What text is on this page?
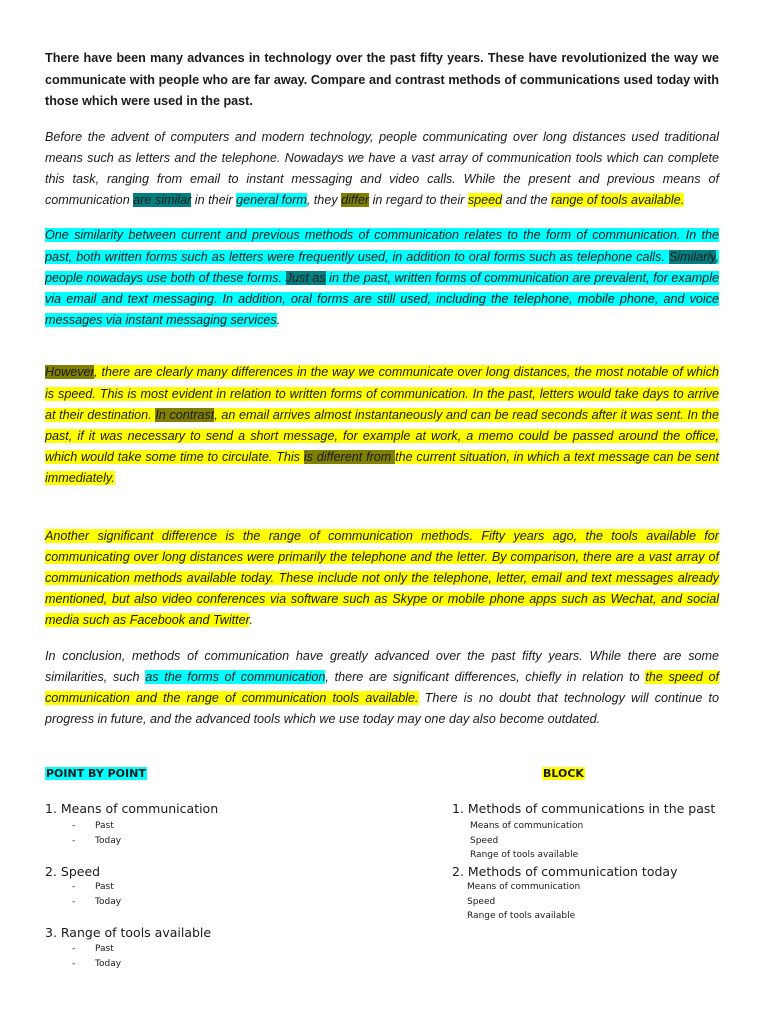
There have been many advances in technology over the past fifty years. These have revolutionized the way we communicate with people who are far away. Compare and contrast methods of communications used today with those which were used in the past.

Before the advent of computers and modern technology, people communicating over long distances used traditional means such as letters and the telephone. Nowadays we have a vast array of communication tools which can complete this task, ranging from email to instant messaging and video calls. While the present and previous means of communication are similar in their general form, they differ in regard to their speed and the range of tools available.

One similarity between current and previous methods of communication relates to the form of communication. In the past, both written forms such as letters were frequently used, in addition to oral forms such as telephone calls. Similarly, people nowadays use both of these forms. Just as in the past, written forms of communication are prevalent, for example via email and text messaging. In addition, oral forms are still used, including the telephone, mobile phone, and voice messages via instant messaging services.

However, there are clearly many differences in the way we communicate over long distances, the most notable of which is speed. This is most evident in relation to written forms of communication. In the past, letters would take days to arrive at their destination. In contrast, an email arrives almost instantaneously and can be read seconds after it was sent. In the past, if it was necessary to send a short message, for example at work, a memo could be passed around the office, which would take some time to circulate. This is different from the current situation, in which a text message can be sent immediately.

Another significant difference is the range of communication methods. Fifty years ago, the tools available for communicating over long distances were primarily the telephone and the letter. By comparison, there are a vast array of communication methods available today. These include not only the telephone, letter, email and text messages already mentioned, but also video conferences via software such as Skype or mobile phone apps such as Wechat, and social media such as Facebook and Twitter.

In conclusion, methods of communication have greatly advanced over the past fifty years. While there are some similarities, such as the forms of communication, there are significant differences, chiefly in relation to the speed of communication and the range of communication tools available. There is no doubt that technology will continue to progress in future, and the advanced tools which we use today may one day also become outdated.

POINT BY POINT
1. Means of communication
- Past
- Today
2. Speed
- Past
- Today
3. Range of tools available
- Past
- Today
BLOCK
1. Methods of communications in the past
Means of communication
Speed
Range of tools available
2. Methods of communication today
Means of communication
Speed
Range of tools available
